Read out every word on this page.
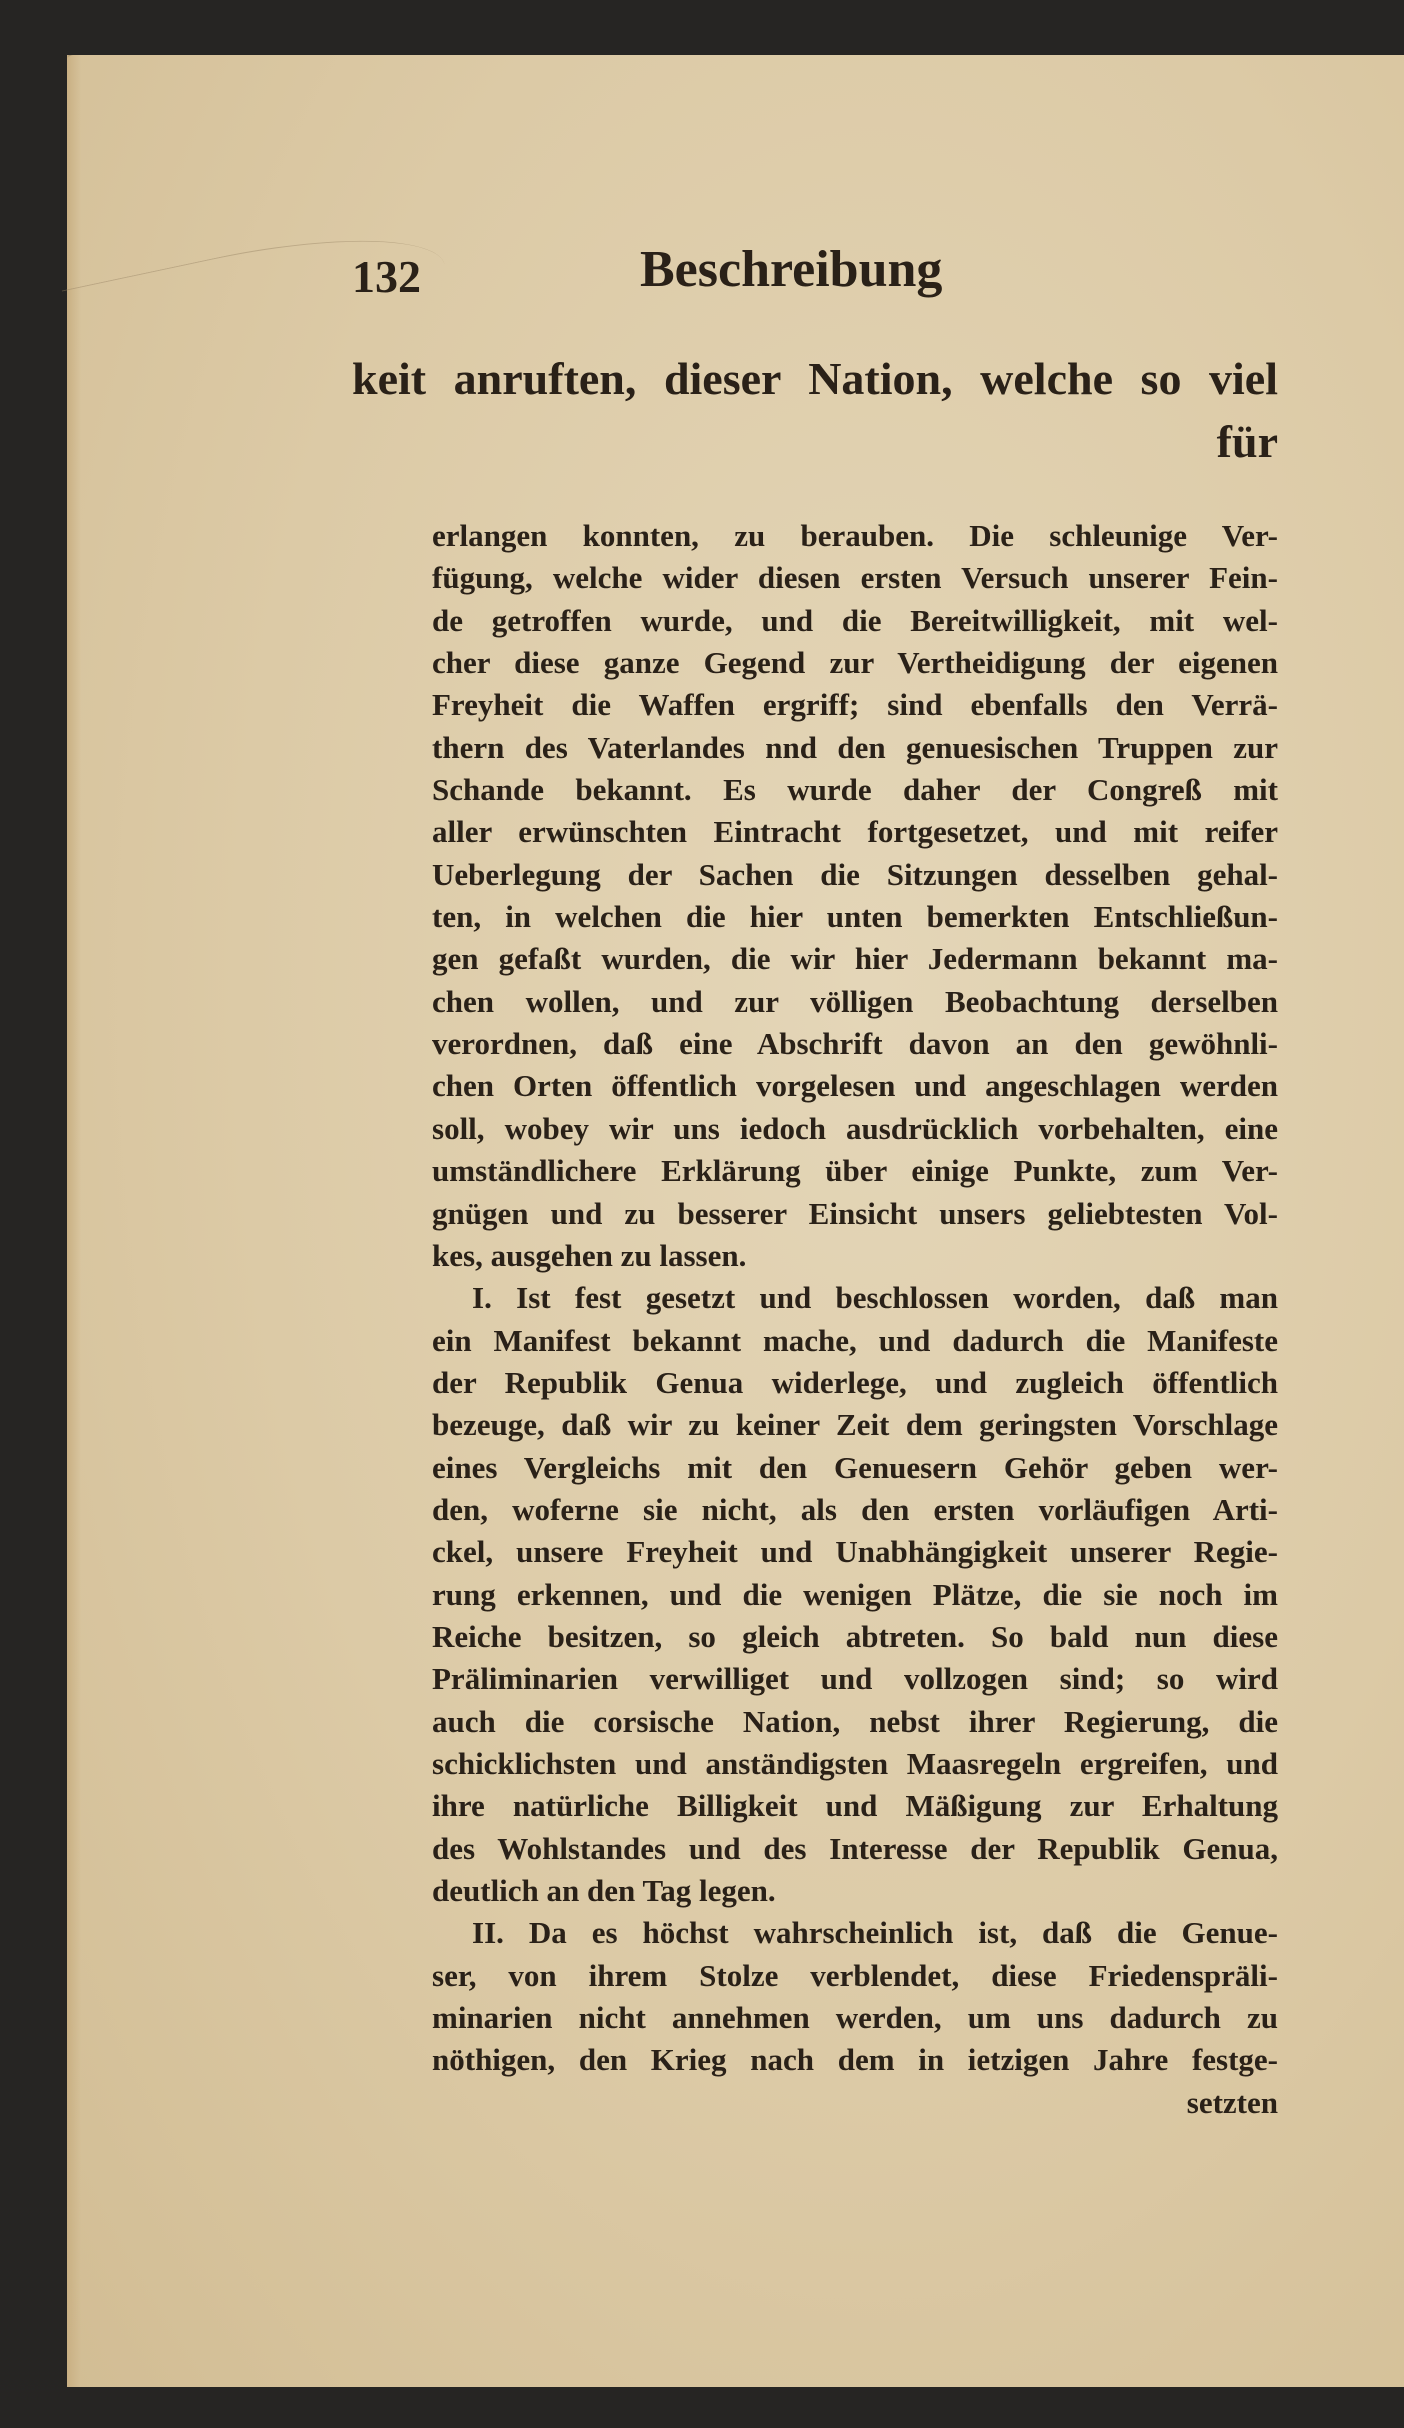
132	Beschreibung
keit anruften, dieser Nation, welche so viel
für
erlangen konnten, zu berauben. Die schleunige Ver-
fügung, welche wider diesen ersten Versuch unserer Fein-
de getroffen wurde, und die Bereitwilligkeit, mit wel-
cher diese ganze Gegend zur Vertheidigung der eigenen
Freyheit die Waffen ergriff; sind ebenfalls den Verrä-
thern des Vaterlandes nnd den genuesischen Truppen zur
Schande bekannt. Es wurde daher der Congreß mit
aller erwünschten Eintracht fortgesetzet, und mit reifer
Ueberlegung der Sachen die Sitzungen desselben gehal-
ten, in welchen die hier unten bemerkten Entschließun-
gen gefaßt wurden, die wir hier Jedermann bekannt ma-
chen wollen, und zur völligen Beobachtung derselben
verordnen, daß eine Abschrift davon an den gewöhnli-
chen Orten öffentlich vorgelesen und angeschlagen werden
soll, wobey wir uns iedoch ausdrücklich vorbehalten, eine
umständlichere Erklärung über einige Punkte, zum Ver-
gnügen und zu besserer Einsicht unsers geliebtesten Vol-
kes, ausgehen zu lassen.
I. Ist fest gesetzt und beschlossen worden, daß man
ein Manifest bekannt mache, und dadurch die Manifeste
der Republik Genua widerlege, und zugleich öffentlich
bezeuge, daß wir zu keiner Zeit dem geringsten Vorschlage
eines Vergleichs mit den Genuesern Gehör geben wer-
den, woferne sie nicht, als den ersten vorläufigen Arti-
ckel, unsere Freyheit und Unabhängigkeit unserer Regie-
rung erkennen, und die wenigen Plätze, die sie noch im
Reiche besitzen, so gleich abtreten. So bald nun diese
Präliminarien verwilliget und vollzogen sind; so wird
auch die corsische Nation, nebst ihrer Regierung, die
schicklichsten und anständigsten Maasregeln ergreifen, und
ihre natürliche Billigkeit und Mäßigung zur Erhaltung
des Wohlstandes und des Interesse der Republik Genua,
deutlich an den Tag legen.
II. Da es höchst wahrscheinlich ist, daß die Genue-
ser, von ihrem Stolze verblendet, diese Friedenspräli-
minarien nicht annehmen werden, um uns dadurch zu
nöthigen, den Krieg nach dem in ietzigen Jahre festge-
setzten
